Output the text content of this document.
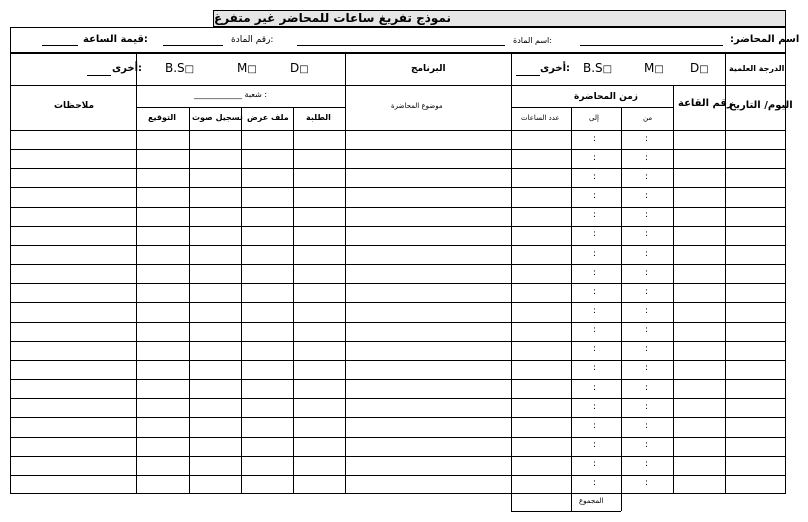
نموذج تفريغ ساعات للمحاضر غير متفرغ
اسم المحاضر:
اسم المادة:
رقم المادة:
قيمة الساعة:
الدرجة العلمية
D□
M□
B.S□
أخرى:
البرنامج
D□
M□
B.S□
أخرى:
اليوم/ التاريخ
رقم القاعة
زمن المحاضرة
من
إلى
عدد الساعات
موضوع المحاضرة
____________ شعبة :
الطلبة
ملف عرض
تسجيل صوت
التوقيع
ملاحظات
:
:
:
:
:
:
:
:
:
:
:
:
:
:
:
:
:
:
:
:
:
:
:
:
:
:
:
:
:
:
:
:
:
:
:
:
:
:
المجموع
